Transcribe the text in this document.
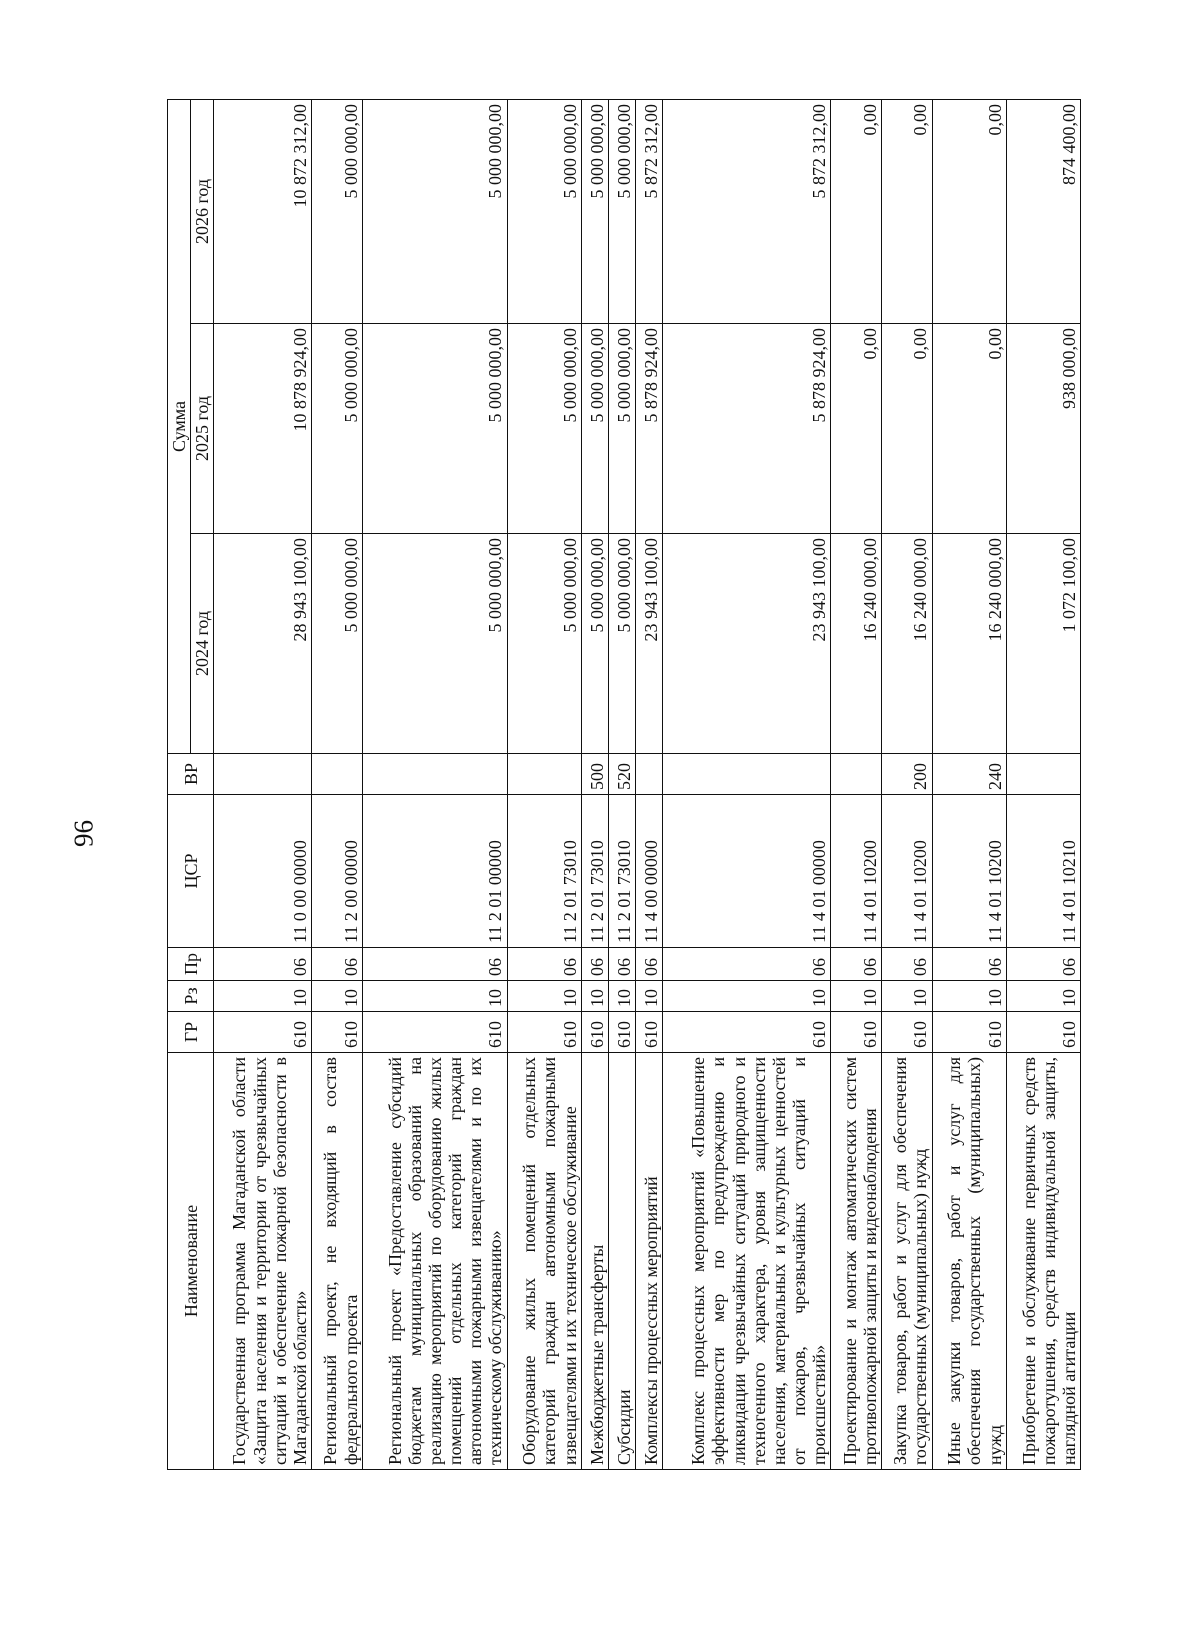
96
Наименование	ГР	Рз	Пр	ЦСР	ВР	Сумма		
						2024 год	2025 год	2026 год
Государственная программа Магаданской области «Защита населения и территории от чрезвычайных ситуаций и обеспечение пожарной безопасности в Магаданской области»	610	10	06	11 0 00 00000		28 943 100,00	10 878 924,00	10 872 312,00
Региональный проект, не входящий в состав федерального проекта	610	10	06	11 2 00 00000		5 000 000,00	5 000 000,00	5 000 000,00
Региональный проект «Предоставление субсидий бюджетам муниципальных образований на реализацию мероприятий по оборудованию жилых помещений отдельных категорий граждан автономными пожарными извещателями и по их техническому обслуживанию»	610	10	06	11 2 01 00000		5 000 000,00	5 000 000,00	5 000 000,00
Оборудование жилых помещений отдельных категорий граждан автономными пожарными извещателями и их техническое обслуживание	610	10	06	11 2 01 73010		5 000 000,00	5 000 000,00	5 000 000,00
Межбюджетные трансферты	610	10	06	11 2 01 73010	500	5 000 000,00	5 000 000,00	5 000 000,00
Субсидии	610	10	06	11 2 01 73010	520	5 000 000,00	5 000 000,00	5 000 000,00
Комплексы процессных мероприятий	610	10	06	11 4 00 00000		23 943 100,00	5 878 924,00	5 872 312,00
Комплекс процессных мероприятий «Повышение эффективности мер по предупреждению и ликвидации чрезвычайных ситуаций природного и техногенного характера, уровня защищенности населения, материальных и культурных ценностей от пожаров, чрезвычайных ситуаций и происшествий»	610	10	06	11 4 01 00000		23 943 100,00	5 878 924,00	5 872 312,00
Проектирование и монтаж автоматических систем противопожарной защиты и видеонаблюдения	610	10	06	11 4 01 10200		16 240 000,00	0,00	0,00
Закупка товаров, работ и услуг для обеспечения государственных (муниципальных) нужд	610	10	06	11 4 01 10200	200	16 240 000,00	0,00	0,00
Иные закупки товаров, работ и услуг для обеспечения государственных (муниципальных) нужд	610	10	06	11 4 01 10200	240	16 240 000,00	0,00	0,00
Приобретение и обслуживание первичных средств пожаротушения, средств индивидуальной защиты, наглядной агитации	610	10	06	11 4 01 10210		1 072 100,00	938 000,00	874 400,00
